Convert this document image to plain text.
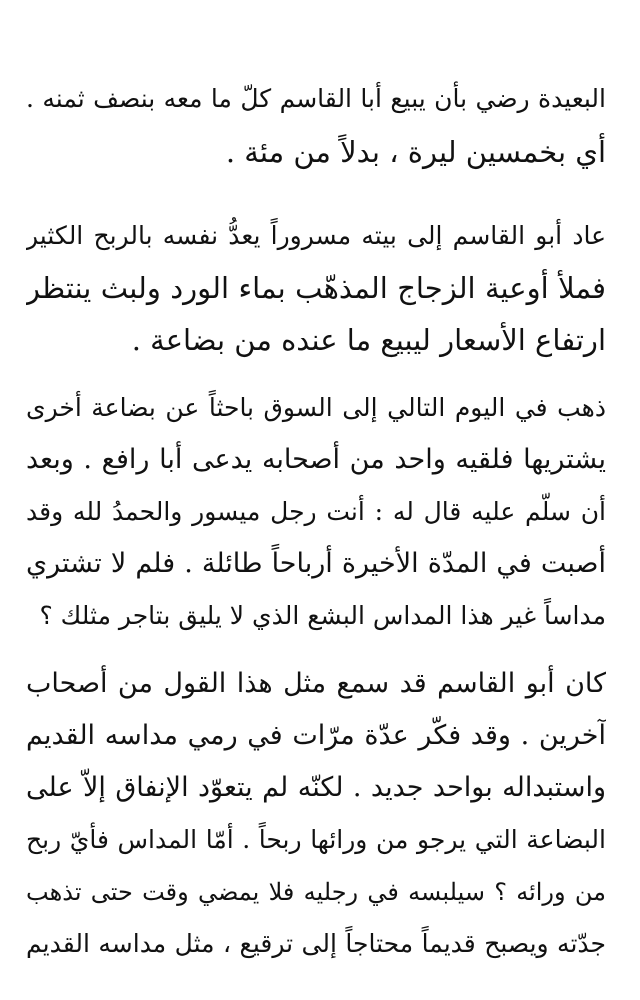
البعيدة رضي بأن يبيع أبا القاسم كلّ ما معه بنصف ثمنه .
أي بخمسين ليرة ، بدلاً من مئة .
عاد أبو القاسم إلى بيته مسروراً يعدُّ نفسه بالربح الكثير
فملأ أوعية الزجاج المذهّب بماء الورد ولبث ينتظر
ارتفاع الأسعار ليبيع ما عنده من بضاعة .
ذهب في اليوم التالي إلى السوق باحثاً عن بضاعة أخرى
يشتريها فلقيه واحد من أصحابه يدعى أبا رافع . وبعد
أن سلّم عليه قال له : أنت رجل ميسور والحمدُ لله وقد
أصبت في المدّة الأخيرة أرباحاً طائلة . فلم لا تشتري
مداساً غير هذا المداس البشع الذي لا يليق بتاجر مثلك ؟
كان أبو القاسم قد سمع مثل هذا القول من أصحاب
آخرين . وقد فكّر عدّة مرّات في رمي مداسه القديم
واستبداله بواحد جديد . لكنّه لم يتعوّد الإنفاق إلاّ على
البضاعة التي يرجو من ورائها ربحاً . أمّا المداس فأيّ ربح
من ورائه ؟ سيلبسه في رجليه فلا يمضي وقت حتى تذهب
جدّته ويصبح قديماً محتاجاً إلى ترقيع ، مثل مداسه القديم
